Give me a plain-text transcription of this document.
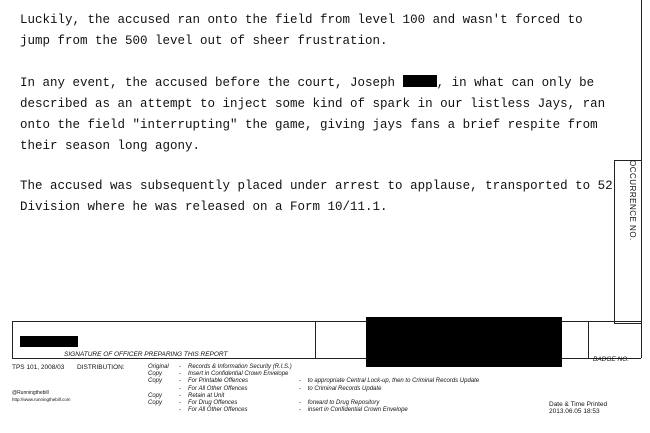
Luckily, the accused ran onto the field from level 100 and wasn't forced to
jump from the 500 level out of sheer frustration.
In any event, the accused before the court, Joseph	, in what can only be
described as an attempt to inject some kind of spark in our listless Jays, ran
onto the field "interrupting" the game, giving jays fans a brief respite from
their season long agony.
The accused was subsequently placed under arrest to applause, transported to 52
Division where he was released on a Form 10/11.1.	OCCURRENCE NO.
SIGNATURE OF OFFICER PREPARING THIS REPORT
BADGE NO.
TPS 101, 2008/03 DISTRIBUTION:	Original	-	Records & Information Security (R.I.S.)		
Copy	-	Insert in Confidential Crown Envelope		
Copy	-	For Printable Offences	-	to appropriate Central Lock-up, then to Criminal Records Update
	-	For All Other Offences	-	to Criminal Records Update
Copy	-	Retain at Unit		
Copy	-	For Drug Offences	-	forward to Drug Repository
	-	For All Other Offences	-	insert in Confidential Crown Envelope
@Runningthebill
http://www.runningthebill.com
Date & Time Printed
2013.06.05 18:53
